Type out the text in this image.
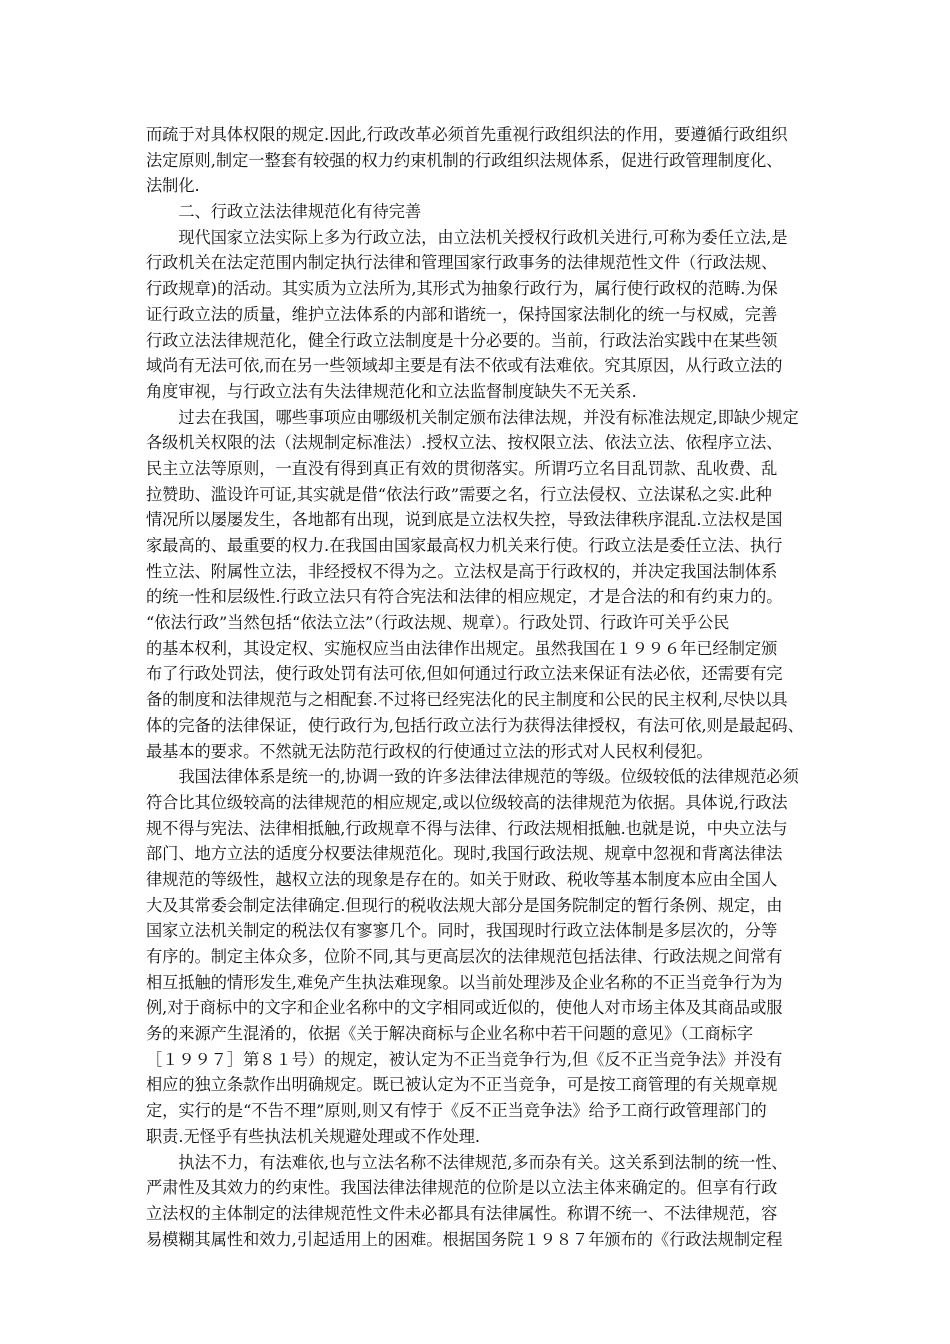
而疏于对具体权限的规定.因此,行政改革必须首先重视行政组织法的作用，要遵循行政组织
法定原则,制定一整套有较强的权力约束机制的行政组织法规体系，促进行政管理制度化、
法制化.
　　二、行政立法法律规范化有待完善
　　现代国家立法实际上多为行政立法，由立法机关授权行政机关进行,可称为委任立法,是
行政机关在法定范围内制定执行法律和管理国家行政事务的法律规范性文件（行政法规、
行政规章)的活动。其实质为立法所为,其形式为抽象行政行为，属行使行政权的范畴.为保
证行政立法的质量，维护立法体系的内部和谐统一，保持国家法制化的统一与权威，完善
行政立法法律规范化，健全行政立法制度是十分必要的。当前，行政法治实践中在某些领
域尚有无法可依,而在另一些领域却主要是有法不依或有法难依。究其原因，从行政立法的
角度审视，与行政立法有失法律规范化和立法监督制度缺失不无关系.
　　过去在我国，哪些事项应由哪级机关制定颁布法律法规，并没有标准法规定,即缺少规定
各级机关权限的法（法规制定标准法）.授权立法、按权限立法、依法立法、依程序立法、
民主立法等原则，一直没有得到真正有效的贯彻落实。所谓巧立名目乱罚款、乱收费、乱
拉赞助、滥设许可证,其实就是借“依法行政”需要之名，行立法侵权、立法谋私之实.此种
情况所以屡屡发生，各地都有出现，说到底是立法权失控，导致法律秩序混乱.立法权是国
家最高的、最重要的权力.在我国由国家最高权力机关来行使。行政立法是委任立法、执行
性立法、附属性立法，非经授权不得为之。立法权是高于行政权的，并决定我国法制体系
的统一性和层级性.行政立法只有符合宪法和法律的相应规定，才是合法的和有约束力的。
“依法行政”当然包括“依法立法”（行政法规、规章）。行政处罚、行政许可关乎公民
的基本权利，其设定权、实施权应当由法律作出规定。虽然我国在１９９６年已经制定颁
布了行政处罚法，使行政处罚有法可依,但如何通过行政立法来保证有法必依，还需要有完
备的制度和法律规范与之相配套.不过将已经宪法化的民主制度和公民的民主权利,尽快以具
体的完备的法律保证，使行政行为,包括行政立法行为获得法律授权，有法可依,则是最起码、
最基本的要求。不然就无法防范行政权的行使通过立法的形式对人民权利侵犯。
　　我国法律体系是统一的,协调一致的许多法律法律规范的等级。位级较低的法律规范必须
符合比其位级较高的法律规范的相应规定,或以位级较高的法律规范为依据。具体说,行政法
规不得与宪法、法律相抵触,行政规章不得与法律、行政法规相抵触.也就是说，中央立法与
部门、地方立法的适度分权要法律规范化。现时,我国行政法规、规章中忽视和背离法律法
律规范的等级性，越权立法的现象是存在的。如关于财政、税收等基本制度本应由全国人
大及其常委会制定法律确定.但现行的税收法规大部分是国务院制定的暂行条例、规定，由
国家立法机关制定的税法仅有寥寥几个。同时，我国现时行政立法体制是多层次的，分等
有序的。制定主体众多，位阶不同,其与更高层次的法律规范包括法律、行政法规之间常有
相互抵触的情形发生,难免产生执法难现象。以当前处理涉及企业名称的不正当竞争行为为
例,对于商标中的文字和企业名称中的文字相同或近似的，使他人对市场主体及其商品或服
务的来源产生混淆的，依据《关于解决商标与企业名称中若干问题的意见》（工商标字
［１９９７］第８１号）的规定，被认定为不正当竞争行为,但《反不正当竞争法》并没有
相应的独立条款作出明确规定。既已被认定为不正当竞争，可是按工商管理的有关规章规
定，实行的是“不告不理”原则,则又有悖于《反不正当竞争法》给予工商行政管理部门的
职责.无怪乎有些执法机关规避处理或不作处理.
　　执法不力，有法难依,也与立法名称不法律规范,多而杂有关。这关系到法制的统一性、
严肃性及其效力的约束性。我国法律法律规范的位阶是以立法主体来确定的。但享有行政
立法权的主体制定的法律规范性文件未必都具有法律属性。称谓不统一、不法律规范，容
易模糊其属性和效力,引起适用上的困难。根据国务院１９８７年颁布的《行政法规制定程
